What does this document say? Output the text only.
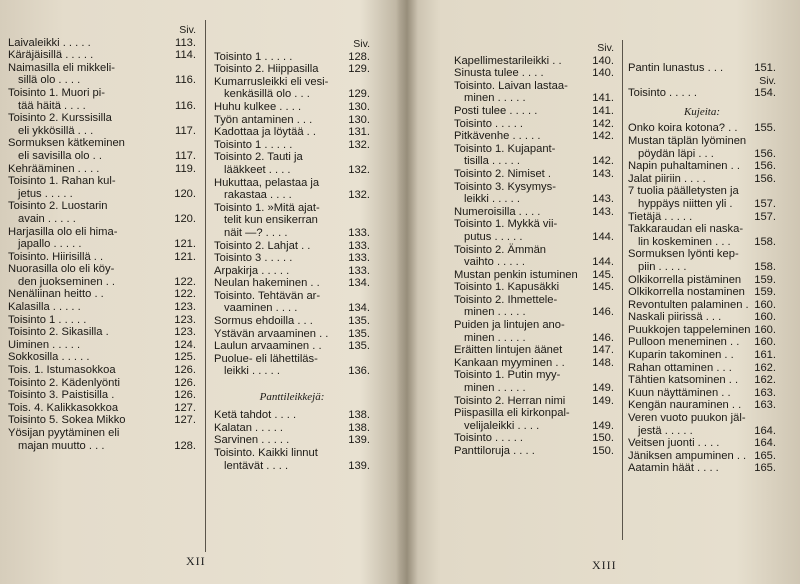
Siv.
Laivaleikki . . . . .	113.
Käräjäisillä . . . . .	114.
Naimasilla eli mikkeli-
sillä olo . . . .	116.
Toisinto 1. Muori pi-
tää häitä . . . .	116.
Toisinto 2. Kurssisilla
eli ykkösillä . . .	117.
Sormuksen kätkeminen
eli savisilla olo . .	117.
Kehrääminen . . . .	119.
Toisinto 1. Rahan kul-
jetus . . . . .	120.
Toisinto 2. Luostarin
avain . . . . .	120.
Harjasilla olo eli hima-
japallo . . . . .	121.
Toisinto. Hiirisillä . .	121.
Nuorasilla olo eli köy-
den juokseminen . .	122.
Nenäliinan heitto . .	122.
Kalasilla . . . . .	123.
Toisinto 1 . . . . .	123.
Toisinto 2. Sikasilla .	123.
Uiminen . . . . .	124.
Sokkosilla . . . . .	125.
Tois. 1. Istumasokkoa	126.
Toisinto 2. Kädenlyönti	126.
Toisinto 3. Paistisilla .	126.
Tois. 4. Kalikkasokkoa	127.
Toisinto 5. Sokea Mikko	127.
Yösijan pyytäminen eli
majan muutto . . .	128.
Siv.
Toisinto 1 . . . . .	128.
Toisinto 2. Hiippasilla	129.
Kumarrusleikki eli vesi-
kenkäsillä olo . . .	129.
Huhu kulkee . . . .	130.
Työn antaminen . . .	130.
Kadottaa ja löytää . .	131.
Toisinto 1 . . . . .	132.
Toisinto 2. Tauti ja
lääkkeet . . . .	132.
Hukuttaa, pelastaa ja
rakastaa . . . .	132.
Toisinto 1. »Mitä ajat-
telit kun ensikerran
näit —? . . . .	133.
Toisinto 2. Lahjat . .	133.
Toisinto 3 . . . . .	133.
Arpakirja . . . . .	133.
Neulan hakeminen . .	134.
Toisinto. Tehtävän ar-
vaaminen . . . .	134.
Sormus ehdoilla . . .	135.
Ystävän arvaaminen . .	135.
Laulun arvaaminen . .	135.
Puolue- eli lähettiläs-
leikki . . . . .	136.
Panttileikkejä:
Ketä tahdot . . . .	138.
Kalatan . . . . .	138.
Sarvinen . . . . .	139.
Toisinto. Kaikki linnut
lentävät . . . .	139.
XII
Siv.
Kapellimestarileikki . .	140.
Sinusta tulee . . . .	140.
Toisinto. Laivan lastaa-
minen . . . . .	141.
Posti tulee . . . . .	141.
Toisinto . . . . .	142.
Pitkävenhe . . . . .	142.
Toisinto 1. Kujapant-
tisilla . . . . .	142.
Toisinto 2. Nimiset .	143.
Toisinto 3. Kysymys-
leikki . . . . .	143.
Numeroisilla . . . .	143.
Toisinto 1. Mykkä vii-
putus . . . . .	144.
Toisinto 2. Ämmän
vaihto . . . . .	144.
Mustan penkin istuminen	145.
Toisinto 1. Kapusäkki	145.
Toisinto 2. Ihmettele-
minen . . . . .	146.
Puiden ja lintujen ano-
minen . . . . .	146.
Eräitten lintujen äänet	147.
Kankaan myyminen . .	148.
Toisinto 1. Putin myy-
minen . . . . .	149.
Toisinto 2. Herran nimi	149.
Piispasilla eli kirkonpal-
velijaleikki . . . .	149.
Toisinto . . . . .	150.
Panttiloruja . . . .	150.
Pantin lunastus . . .	151.
Siv.
Toisinto . . . . .	154.
Kujeita:
Onko koira kotona? . .	155.
Mustan täplän lyöminen
pöydän läpi . . .	156.
Napin puhaltaminen . .	156.
Jalat piiriin . . . .	156.
7 tuolia päälletysten ja
hyppäys niitten yli .	157.
Tietäjä . . . . .	157.
Takkaraudan eli naska-
lin koskeminen . . .	158.
Sormuksen lyönti kep-
piin . . . . .	158.
Olkikorrella pistäminen	159.
Olkikorrella nostaminen 159.
Revontulten palaminen . 160.
Naskali piirissä . . .	160.
Puukkojen tappeleminen 160.
Pulloon meneminen . .	160.
Kuparin takominen . .	161.
Rahan ottaminen . . .	162.
Tähtien katsominen . .	162.
Kuun näyttäminen . .	163.
Kengän nauraminen . .	163.
Veren vuoto puukon jäl-
jestä . . . . .	164.
Veitsen juonti . . . .	164.
Jäniksen ampuminen . . 165.
Aatamin häät . . . .	165.
XIII
